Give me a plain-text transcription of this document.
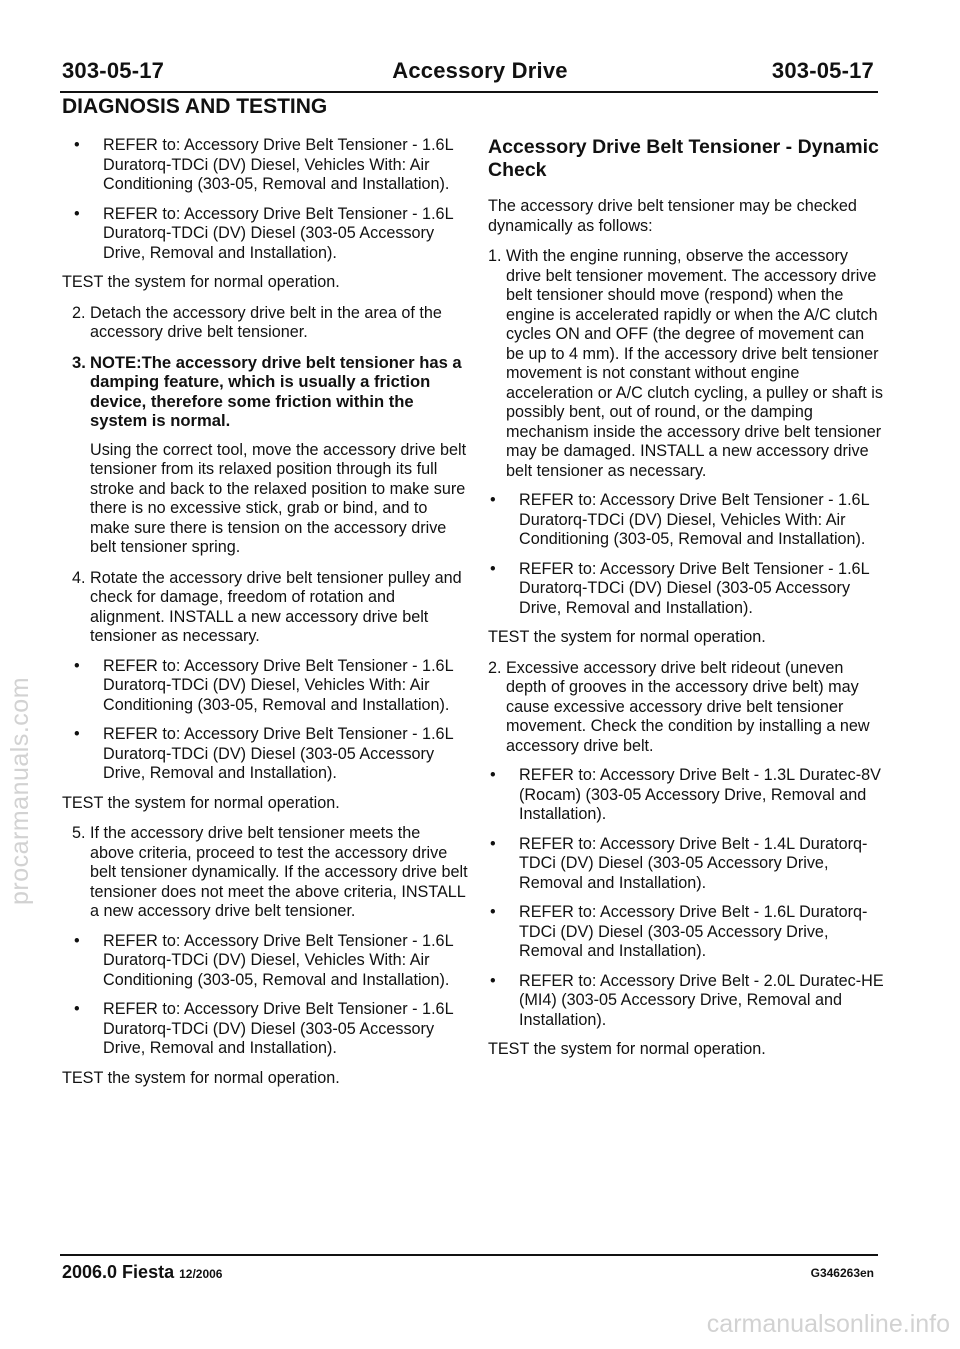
303-05-17	Accessory Drive	303-05-17
DIAGNOSIS AND TESTING
• REFER to: Accessory Drive Belt Tensioner - 1.6L Duratorq-TDCi (DV) Diesel, Vehicles With: Air Conditioning (303-05, Removal and Installation).
• REFER to: Accessory Drive Belt Tensioner - 1.6L Duratorq-TDCi (DV) Diesel (303-05 Accessory Drive, Removal and Installation).
TEST the system for normal operation.
2. Detach the accessory drive belt in the area of the accessory drive belt tensioner.
3. NOTE:The accessory drive belt tensioner has a damping feature, which is usually a friction device, therefore some friction within the system is normal.
Using the correct tool, move the accessory drive belt tensioner from its relaxed position through its full stroke and back to the relaxed position to make sure there is no excessive stick, grab or bind, and to make sure there is tension on the accessory drive belt tensioner spring.
4. Rotate the accessory drive belt tensioner pulley and check for damage, freedom of rotation and alignment. INSTALL a new accessory drive belt tensioner as necessary.
• REFER to: Accessory Drive Belt Tensioner - 1.6L Duratorq-TDCi (DV) Diesel, Vehicles With: Air Conditioning (303-05, Removal and Installation).
• REFER to: Accessory Drive Belt Tensioner - 1.6L Duratorq-TDCi (DV) Diesel (303-05 Accessory Drive, Removal and Installation).
TEST the system for normal operation.
5. If the accessory drive belt tensioner meets the above criteria, proceed to test the accessory drive belt tensioner dynamically. If the accessory drive belt tensioner does not meet the above criteria, INSTALL a new accessory drive belt tensioner.
• REFER to: Accessory Drive Belt Tensioner - 1.6L Duratorq-TDCi (DV) Diesel, Vehicles With: Air Conditioning (303-05, Removal and Installation).
• REFER to: Accessory Drive Belt Tensioner - 1.6L Duratorq-TDCi (DV) Diesel (303-05 Accessory Drive, Removal and Installation).
TEST the system for normal operation.
Accessory Drive Belt Tensioner - Dynamic Check
The accessory drive belt tensioner may be checked dynamically as follows:
1. With the engine running, observe the accessory drive belt tensioner movement. The accessory drive belt tensioner should move (respond) when the engine is accelerated rapidly or when the A/C clutch cycles ON and OFF (the degree of movement can be up to 4 mm). If the accessory drive belt tensioner movement is not constant without engine acceleration or A/C clutch cycling, a pulley or shaft is possibly bent, out of round, or the damping mechanism inside the accessory drive belt tensioner may be damaged. INSTALL a new accessory drive belt tensioner as necessary.
• REFER to: Accessory Drive Belt Tensioner - 1.6L Duratorq-TDCi (DV) Diesel, Vehicles With: Air Conditioning (303-05, Removal and Installation).
• REFER to: Accessory Drive Belt Tensioner - 1.6L Duratorq-TDCi (DV) Diesel (303-05 Accessory Drive, Removal and Installation).
TEST the system for normal operation.
2. Excessive accessory drive belt rideout (uneven depth of grooves in the accessory drive belt) may cause excessive accessory drive belt tensioner movement. Check the condition by installing a new accessory drive belt.
• REFER to: Accessory Drive Belt - 1.3L Duratec-8V (Rocam) (303-05 Accessory Drive, Removal and Installation).
• REFER to: Accessory Drive Belt - 1.4L Duratorq-TDCi (DV) Diesel (303-05 Accessory Drive, Removal and Installation).
• REFER to: Accessory Drive Belt - 1.6L Duratorq-TDCi (DV) Diesel (303-05 Accessory Drive, Removal and Installation).
• REFER to: Accessory Drive Belt - 2.0L Duratec-HE (MI4) (303-05 Accessory Drive, Removal and Installation).
TEST the system for normal operation.
2006.0 Fiesta 12/2006	G346263en
procarmanuals.com
carmanualsonline.info
